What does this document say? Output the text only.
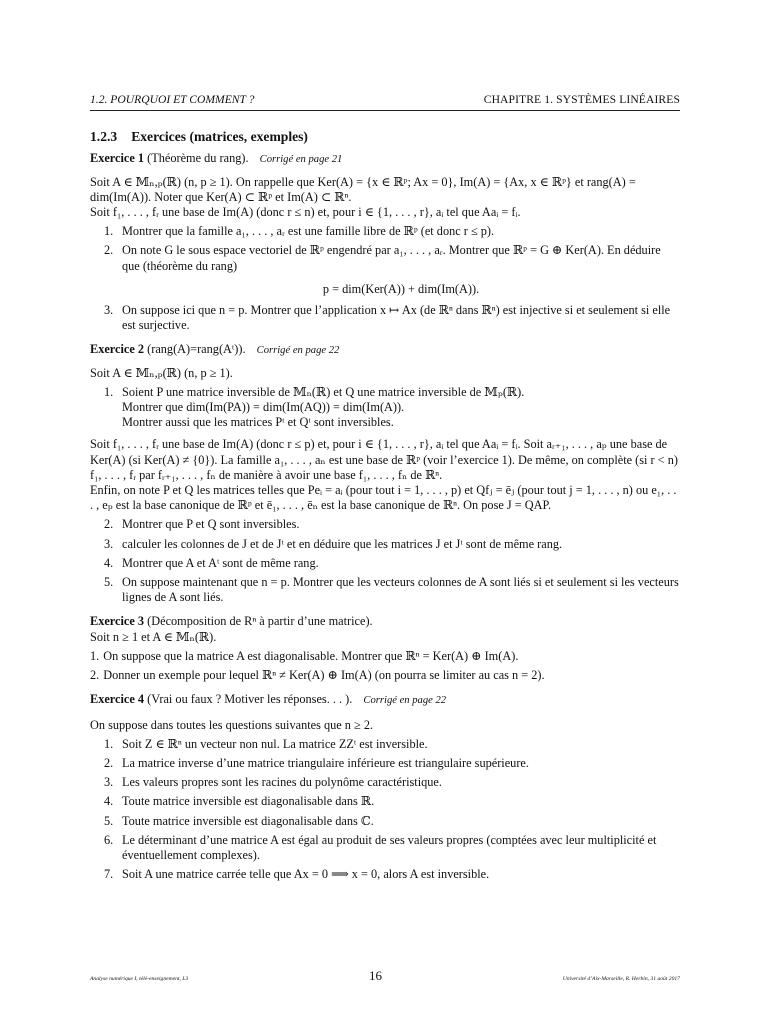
1.2. POURQUOI ET COMMENT ?	CHAPITRE 1. SYSTÈMES LINÉAIRES
1.2.3 Exercices (matrices, exemples)

Exercice 1 (Théorème du rang). Corrigé en page 21

Soit A ∈ 𝕄ₙ,ₚ(ℝ) (n, p ≥ 1). On rappelle que Ker(A) = {x ∈ ℝᵖ; Ax = 0}, Im(A) = {Ax, x ∈ ℝᵖ} et rang(A) = dim(Im(A)). Noter que Ker(A) ⊂ ℝᵖ et Im(A) ⊂ ℝⁿ.

Soit f₁, . . . , fᵣ une base de Im(A) (donc r ≤ n) et, pour i ∈ {1, . . . , r}, aᵢ tel que Aaᵢ = fᵢ.

1. Montrer que la famille a₁, . . . , aᵣ est une famille libre de ℝᵖ (et donc r ≤ p).
2. On note G le sous espace vectoriel de ℝᵖ engendré par a₁, . . . , aᵣ. Montrer que ℝᵖ = G ⊕ Ker(A). En déduire que (théorème du rang)
p = dim(Ker(A)) + dim(Im(A)).
3. On suppose ici que n = p. Montrer que l’application x ↦ Ax (de ℝⁿ dans ℝⁿ) est injective si et seulement si elle est surjective.

Exercice 2 (rang(A)=rang(Aᵗ)). Corrigé en page 22

Soit A ∈ 𝕄ₙ,ₚ(ℝ) (n, p ≥ 1).

1. Soient P une matrice inversible de 𝕄ₙ(ℝ) et Q une matrice inversible de 𝕄ₚ(ℝ).
Montrer que dim(Im(PA)) = dim(Im(AQ)) = dim(Im(A)).
Montrer aussi que les matrices Pᵗ et Qᵗ sont inversibles.

Soit f₁, . . . , fᵣ une base de Im(A) (donc r ≤ p) et, pour i ∈ {1, . . . , r}, aᵢ tel que Aaᵢ = fᵢ. Soit aᵣ₊₁, . . . , aₚ une base de Ker(A) (si Ker(A) ≠ {0}). La famille a₁, . . . , aₙ est une base de ℝᵖ (voir l’exercice 1). De même, on complète (si r < n) f₁, . . . , fᵣ par fᵣ₊₁, . . . , fₙ de manière à avoir une base f₁, . . . , fₙ de ℝⁿ.

Enfin, on note P et Q les matrices telles que Peᵢ = aᵢ (pour tout i = 1, . . . , p) et Qfⱼ = ēⱼ (pour tout j = 1, . . . , n) ou e₁, . . . , eₚ est la base canonique de ℝᵖ et ē₁, . . . , ēₙ est la base canonique de ℝⁿ. On pose J = QAP.

2. Montrer que P et Q sont inversibles.
3. calculer les colonnes de J et de Jᵗ et en déduire que les matrices J et Jᵗ sont de même rang.
4. Montrer que A et Aᵗ sont de même rang.
5. On suppose maintenant que n = p. Montrer que les vecteurs colonnes de A sont liés si et seulement si les vecteurs lignes de A sont liés.

Exercice 3 (Décomposition de Rⁿ à partir d’une matrice).

Soit n ≥ 1 et A ∈ 𝕄ₙ(ℝ).

1. On suppose que la matrice A est diagonalisable. Montrer que ℝⁿ = Ker(A) ⊕ Im(A).
2. Donner un exemple pour lequel ℝⁿ ≠ Ker(A) ⊕ Im(A) (on pourra se limiter au cas n = 2).

Exercice 4 (Vrai ou faux ? Motiver les réponses. . . ). Corrigé en page 22

On suppose dans toutes les questions suivantes que n ≥ 2.

1. Soit Z ∈ ℝⁿ un vecteur non nul. La matrice ZZᵗ est inversible.
2. La matrice inverse d’une matrice triangulaire inférieure est triangulaire supérieure.
3. Les valeurs propres sont les racines du polynôme caractéristique.
4. Toute matrice inversible est diagonalisable dans ℝ.
5. Toute matrice inversible est diagonalisable dans ℂ.
6. Le déterminant d’une matrice A est égal au produit de ses valeurs propres (comptées avec leur multiplicité et éventuellement complexes).
7. Soit A une matrice carrée telle que Ax = 0 ⟹ x = 0, alors A est inversible.
Analyse numérique I, télé-enseignement, L3	16	Université d’Aix-Marseille, R. Herbin, 31 août 2017
